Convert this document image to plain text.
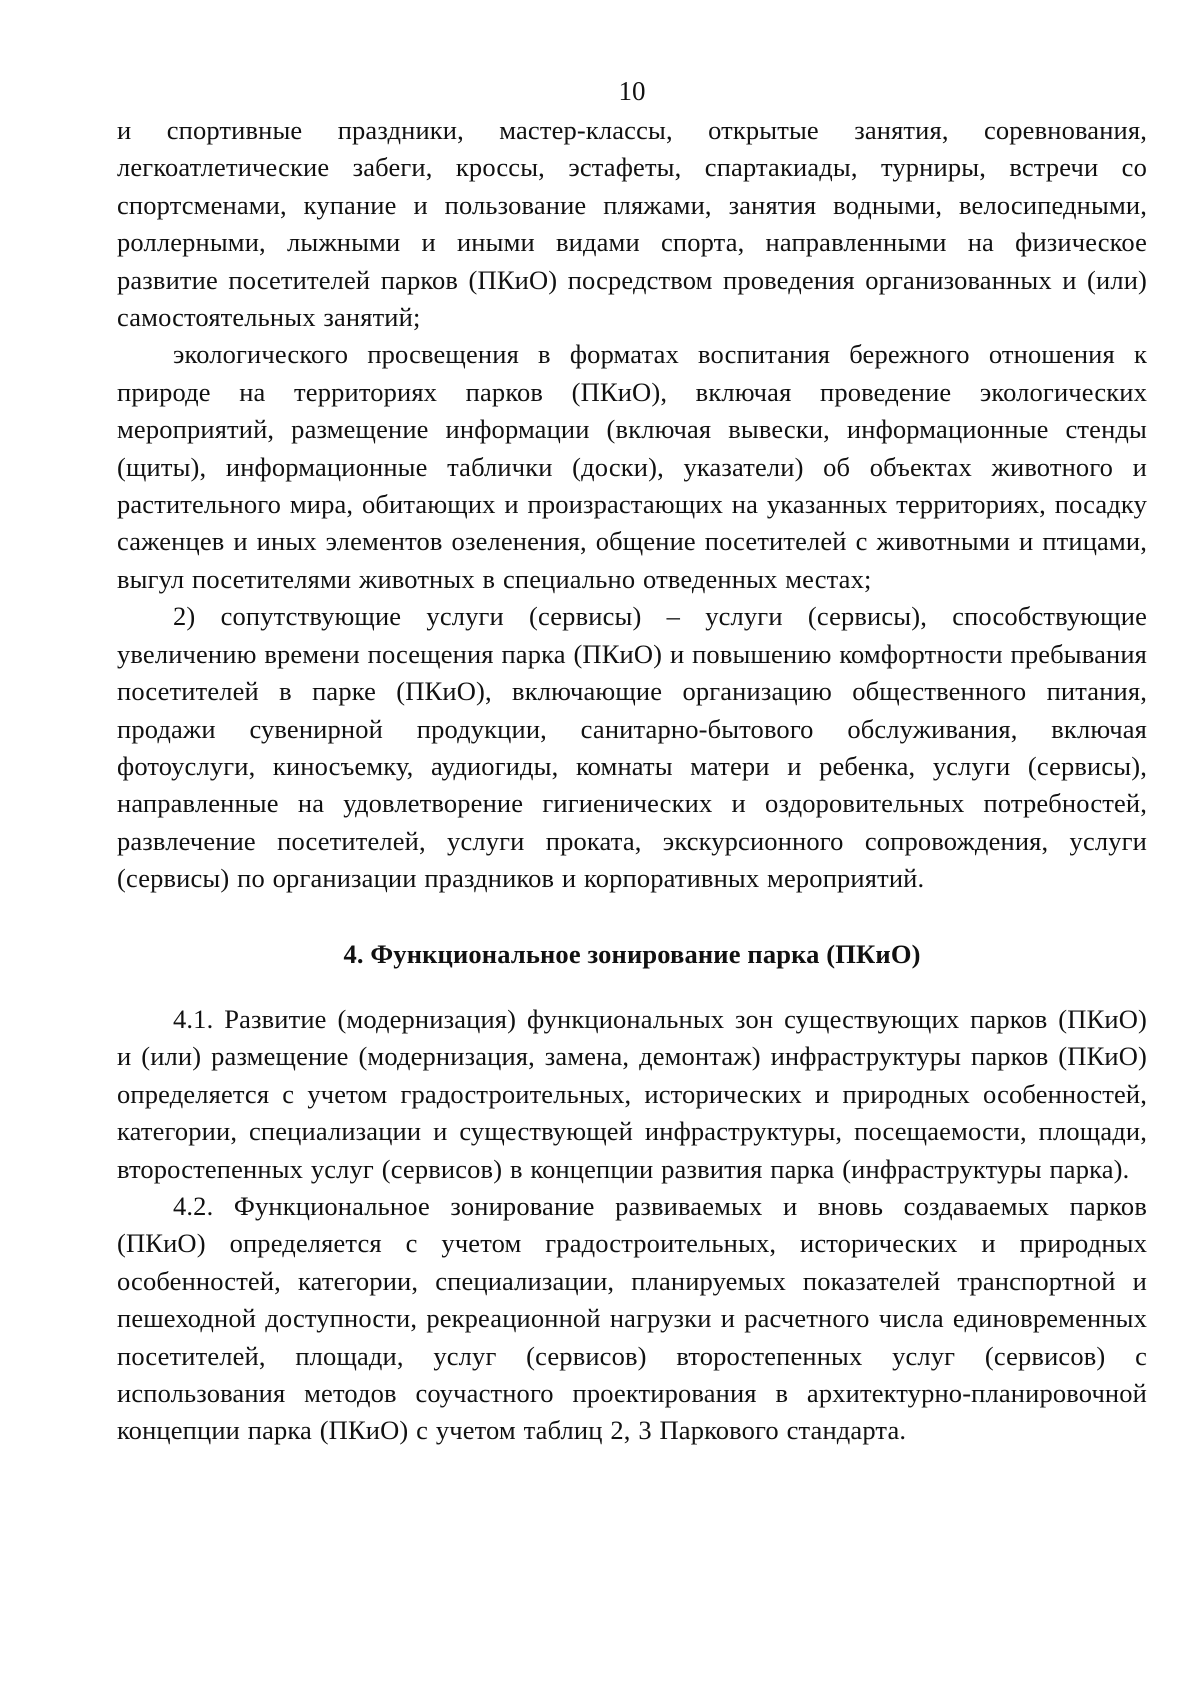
10

и спортивные праздники, мастер-классы, открытые занятия, соревнования, легкоатлетические забеги, кроссы, эстафеты, спартакиады, турниры, встречи со спортсменами, купание и пользование пляжами, занятия водными, велосипедными, роллерными, лыжными и иными видами спорта, направленными на физическое развитие посетителей парков (ПКиО) посредством проведения организованных и (или) самостоятельных занятий;

экологического просвещения в форматах воспитания бережного отношения к природе на территориях парков (ПКиО), включая проведение экологических мероприятий, размещение информации (включая вывески, информационные стенды (щиты), информационные таблички (доски), указатели) об объектах животного и растительного мира, обитающих и произрастающих на указанных территориях, посадку саженцев и иных элементов озеленения, общение посетителей с животными и птицами, выгул посетителями животных в специально отведенных местах;

2) сопутствующие услуги (сервисы) – услуги (сервисы), способствующие увеличению времени посещения парка (ПКиО) и повышению комфортности пребывания посетителей в парке (ПКиО), включающие организацию общественного питания, продажи сувенирной продукции, санитарно-бытового обслуживания, включая фотоуслуги, киносъемку, аудиогиды, комнаты матери и ребенка, услуги (сервисы), направленные на удовлетворение гигиенических и оздоровительных потребностей, развлечение посетителей, услуги проката, экскурсионного сопровождения, услуги (сервисы) по организации праздников и корпоративных мероприятий.

4. Функциональное зонирование парка (ПКиО)

4.1. Развитие (модернизация) функциональных зон существующих парков (ПКиО) и (или) размещение (модернизация, замена, демонтаж) инфраструктуры парков (ПКиО) определяется с учетом градостроительных, исторических и природных особенностей, категории, специализации и существующей инфраструктуры, посещаемости, площади, второстепенных услуг (сервисов) в концепции развития парка (инфраструктуры парка).

4.2. Функциональное зонирование развиваемых и вновь создаваемых парков (ПКиО) определяется с учетом градостроительных, исторических и природных особенностей, категории, специализации, планируемых показателей транспортной и пешеходной доступности, рекреационной нагрузки и расчетного числа единовременных посетителей, площади, услуг (сервисов) второстепенных услуг (сервисов) с использования методов соучастного проектирования в архитектурно-планировочной концепции парка (ПКиО) с учетом таблиц 2, 3 Паркового стандарта.
